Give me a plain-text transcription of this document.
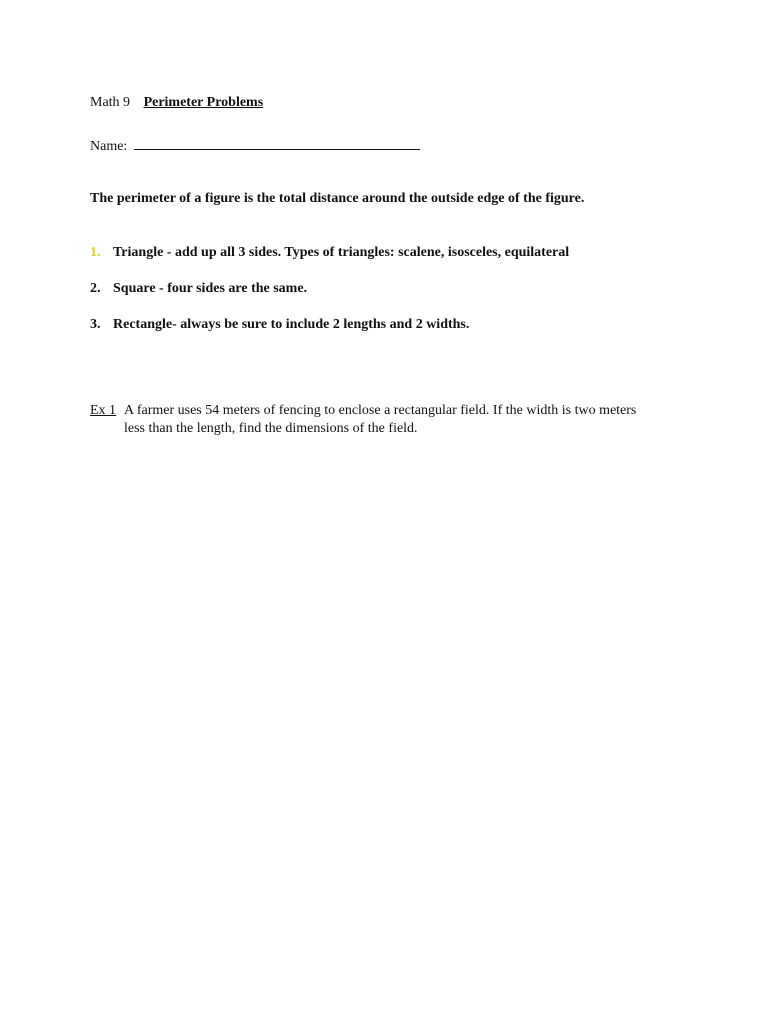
Math 9 Perimeter Problems
Name:
The perimeter of a figure is the total distance around the outside edge of the figure.
1. Triangle - add up all 3 sides. Types of triangles: scalene, isosceles, equilateral
2. Square - four sides are the same.
3. Rectangle- always be sure to include 2 lengths and 2 widths.
Ex 1 A farmer uses 54 meters of fencing to enclose a rectangular field. If the width is two meters less than the length, find the dimensions of the field.
